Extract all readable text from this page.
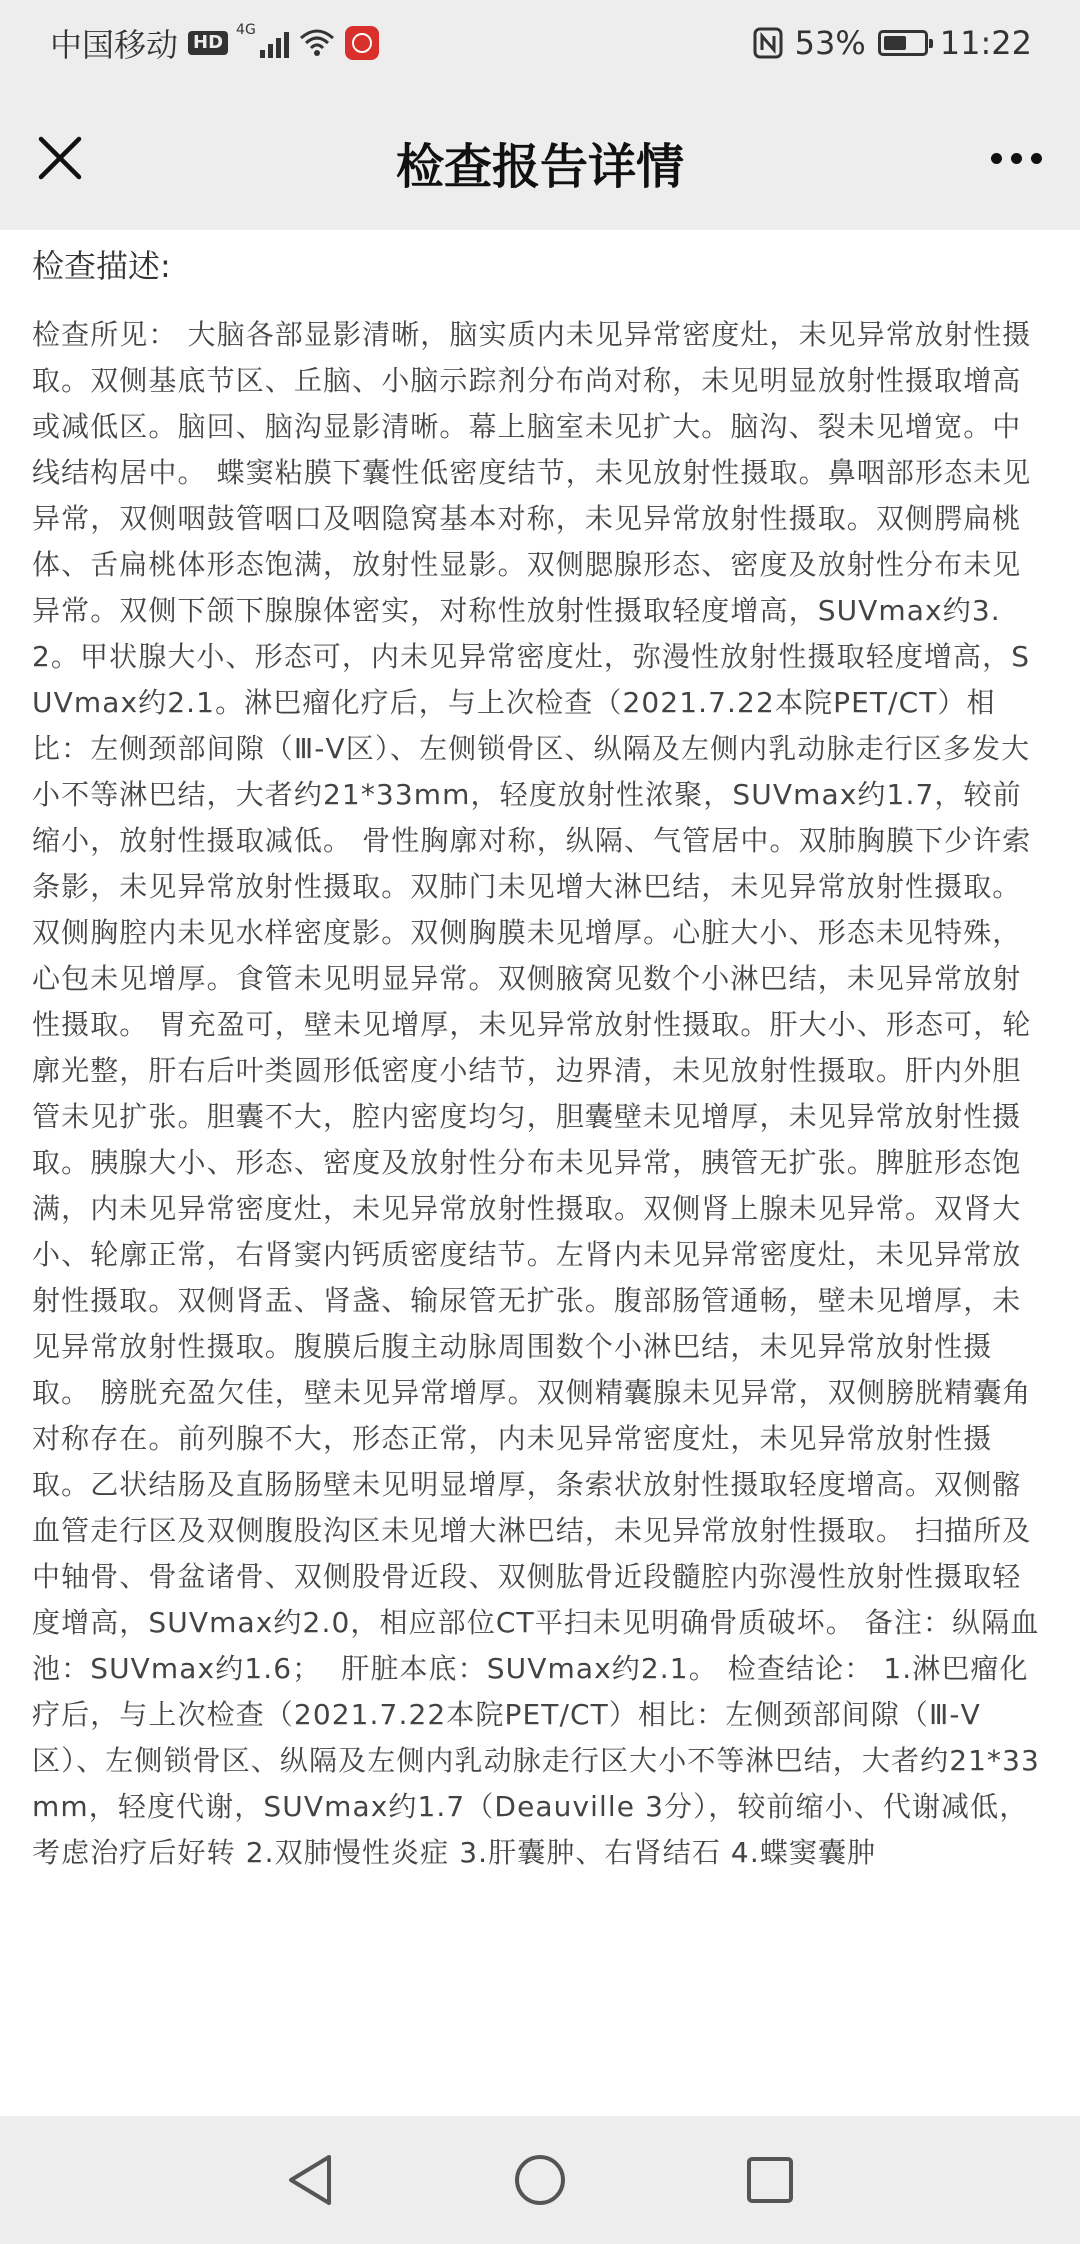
中国移动 HD
4G	53% 11:22
检查报告详情
检查描述:

检查所见： 大脑各部显影清晰，脑实质内未见异常密度灶，未见异常放射性摄取。双侧基底节区、丘脑、小脑示踪剂分布尚对称，未见明显放射性摄取增高或减低区。脑回、脑沟显影清晰。幕上脑室未见扩大。脑沟、裂未见增宽。中线结构居中。 蝶窦粘膜下囊性低密度结节，未见放射性摄取。鼻咽部形态未见异常，双侧咽鼓管咽口及咽隐窝基本对称，未见异常放射性摄取。双侧腭扁桃体、舌扁桃体形态饱满，放射性显影。双侧腮腺形态、密度及放射性分布未见异常。双侧下颌下腺腺体密实，对称性放射性摄取轻度增高，SUVmax约3.2。甲状腺大小、形态可，内未见异常密度灶，弥漫性放射性摄取轻度增高，SUVmax约2.1。淋巴瘤化疗后，与上次检查（2021.7.22本院PET/CT）相比：左侧颈部间隙（Ⅲ-Ⅴ区）、左侧锁骨区、纵隔及左侧内乳动脉走行区多发大小不等淋巴结，大者约21*33mm，轻度放射性浓聚，SUVmax约1.7，较前缩小，放射性摄取减低。 骨性胸廓对称，纵隔、气管居中。双肺胸膜下少许索条影，未见异常放射性摄取。双肺门未见增大淋巴结，未见异常放射性摄取。双侧胸腔内未见水样密度影。双侧胸膜未见增厚。心脏大小、形态未见特殊，心包未见增厚。食管未见明显异常。双侧腋窝见数个小淋巴结，未见异常放射性摄取。 胃充盈可，壁未见增厚，未见异常放射性摄取。肝大小、形态可，轮廓光整，肝右后叶类圆形低密度小结节，边界清，未见放射性摄取。肝内外胆管未见扩张。胆囊不大，腔内密度均匀，胆囊壁未见增厚，未见异常放射性摄取。胰腺大小、形态、密度及放射性分布未见异常，胰管无扩张。脾脏形态饱满，内未见异常密度灶，未见异常放射性摄取。双侧肾上腺未见异常。双肾大小、轮廓正常，右肾窦内钙质密度结节。左肾内未见异常密度灶，未见异常放射性摄取。双侧肾盂、肾盏、输尿管无扩张。腹部肠管通畅，壁未见增厚，未见异常放射性摄取。腹膜后腹主动脉周围数个小淋巴结，未见异常放射性摄取。 膀胱充盈欠佳，壁未见异常增厚。双侧精囊腺未见异常，双侧膀胱精囊角对称存在。前列腺不大，形态正常，内未见异常密度灶，未见异常放射性摄取。乙状结肠及直肠肠壁未见明显增厚，条索状放射性摄取轻度增高。双侧髂血管走行区及双侧腹股沟区未见增大淋巴结，未见异常放射性摄取。 扫描所及中轴骨、骨盆诸骨、双侧股骨近段、双侧肱骨近段髓腔内弥漫性放射性摄取轻度增高，SUVmax约2.0，相应部位CT平扫未见明确骨质破坏。 备注：纵隔血池：SUVmax约1.6；  肝脏本底：SUVmax约2.1。 检查结论： 1.淋巴瘤化疗后，与上次检查（2021.7.22本院PET/CT）相比：左侧颈部间隙（Ⅲ-Ⅴ区）、左侧锁骨区、纵隔及左侧内乳动脉走行区大小不等淋巴结，大者约21*33mm，轻度代谢，SUVmax约1.7（Deauville 3分），较前缩小、代谢减低，考虑治疗后好转 2.双肺慢性炎症 3.肝囊肿、右肾结石 4.蝶窦囊肿
